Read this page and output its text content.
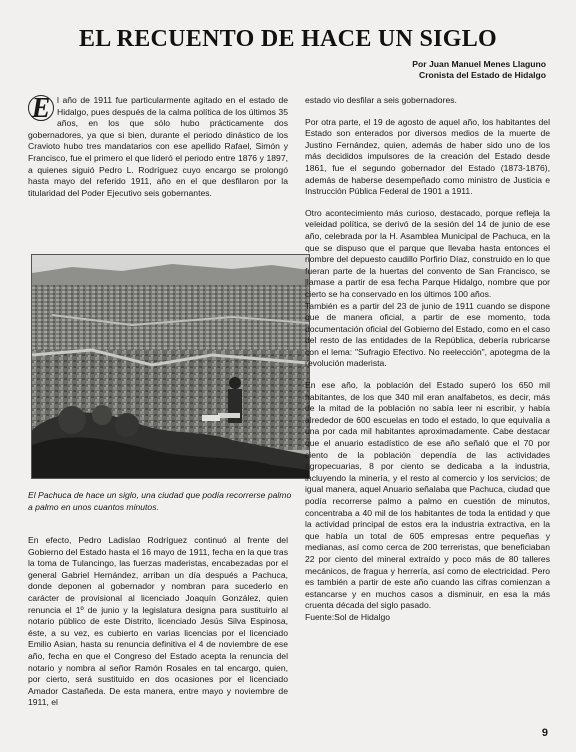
EL RECUENTO DE HACE UN SIGLO
Por Juan Manuel Menes Llaguno
Cronista del Estado de Hidalgo

E l año de 1911 fue particularmente agitado en el estado de Hidalgo, pues después de la calma política de los últimos 35 años, en los que sólo hubo prácticamente dos gobernadores, ya que si bien, durante el periodo dinástico de los Cravioto hubo tres mandatarios con ese apellido Rafael, Simón y Francisco, fue el primero el que lideró el periodo entre 1876 y 1897, a quienes siguió Pedro L. Rodríguez cuyo encargo se prolongó hasta mayo del referido 1911, año en el que desfilaron por la titularidad del Poder Ejecutivo seis gobernantes.

El Pachuca de hace un siglo, una ciudad que podía recorrerse palmo a palmo en unos cuantos minutos.

En efecto, Pedro Ladislao Rodríguez continuó al frente del Gobierno del Estado hasta el 16 mayo de 1911, fecha en la que tras la toma de Tulancingo, las fuerzas maderistas, encabezadas por el general Gabriel Hernández, arriban un día después a Pachuca, donde deponen al gobernador y nombran para sucederlo en carácter de provisional al licenciado Joaquín González, quien renuncia el 1º de junio y la legislatura designa para sustituirlo al notario público de este Distrito, licenciado Jesús Silva Espinosa, éste, a su vez, es cubierto en varias licencias por el licenciado Emilio Asian, hasta su renuncia definitiva el 4 de noviembre de ese año, fecha en que el Congreso del Estado acepta la renuncia del notario y nombra al señor Ramón Rosales en tal encargo, quien, por cierto, será sustituido en dos ocasiones por el licenciado Amador Castañeda. De esta manera, entre mayo y noviembre de 1911, el

estado vio desfilar a seis gobernadores.

Por otra parte, el 19 de agosto de aquel año, los habitantes del Estado son enterados por diversos medios de la muerte de Justino Fernández, quien, además de haber sido uno de los más decididos impulsores de la creación del Estado desde 1861, fue el segundo gobernador del Estado (1873-1876), además de haberse desempeñado como ministro de Justicia e Instrucción Pública Federal de 1901 a 1911.

Otro acontecimiento más curioso, destacado, porque refleja la veleidad política, se derivó de la sesión del 14 de junio de ese año, celebrada por la H. Asamblea Municipal de Pachuca, en la que se dispuso que el parque que llevaba hasta entonces el nombre del depuesto caudillo Porfirio Díaz, construido en lo que fueran parte de la huertas del convento de San Francisco, se llamase a partir de esa fecha Parque Hidalgo, nombre que por cierto se ha conservado en los últimos 100 años.

También es a partir del 23 de junio de 1911 cuando se dispone que de manera oficial, a partir de ese momento, toda documentación oficial del Gobierno del Estado, como en el caso del resto de las entidades de la República, debería rubricarse con el lema: "Sufragio Efectivo. No reelección", apotegma de la revolución maderista.

En ese año, la población del Estado superó los 650 mil habitantes, de los que 340 mil eran analfabetos, es decir, más de la mitad de la población no sabía leer ni escribir, y había alrededor de 600 escuelas en todo el estado, lo que equivalía a una por cada mil habitantes aproximadamente. Cabe destacar que el anuario estadístico de ese año señaló que el 70 por ciento de la población dependía de las actividades agropecuarias, 8 por ciento se dedicaba a la industria, incluyendo la minería, y el resto al comercio y los servicios; de igual manera, aquel Anuario señalaba que Pachuca, ciudad que podía recorrerse palmo a palmo en cuestión de minutos, concentraba a 40 mil de los habitantes de toda la entidad y que la actividad principal de estos era la industria extractiva, en la que había un total de 605 empresas entre pequeñas y medianas, así como cerca de 200 terreristas, que beneficiaban 22 por ciento del mineral extraído y poco más de 80 talleres mecánicos, de fragua y herrería, así como de electricidad. Pero es también a partir de este año cuando las cifras comienzan a estancarse y en muchos casos a disminuir, en esa la más cruenta década del siglo pasado.

Fuente:Sol de Hidalgo

9
